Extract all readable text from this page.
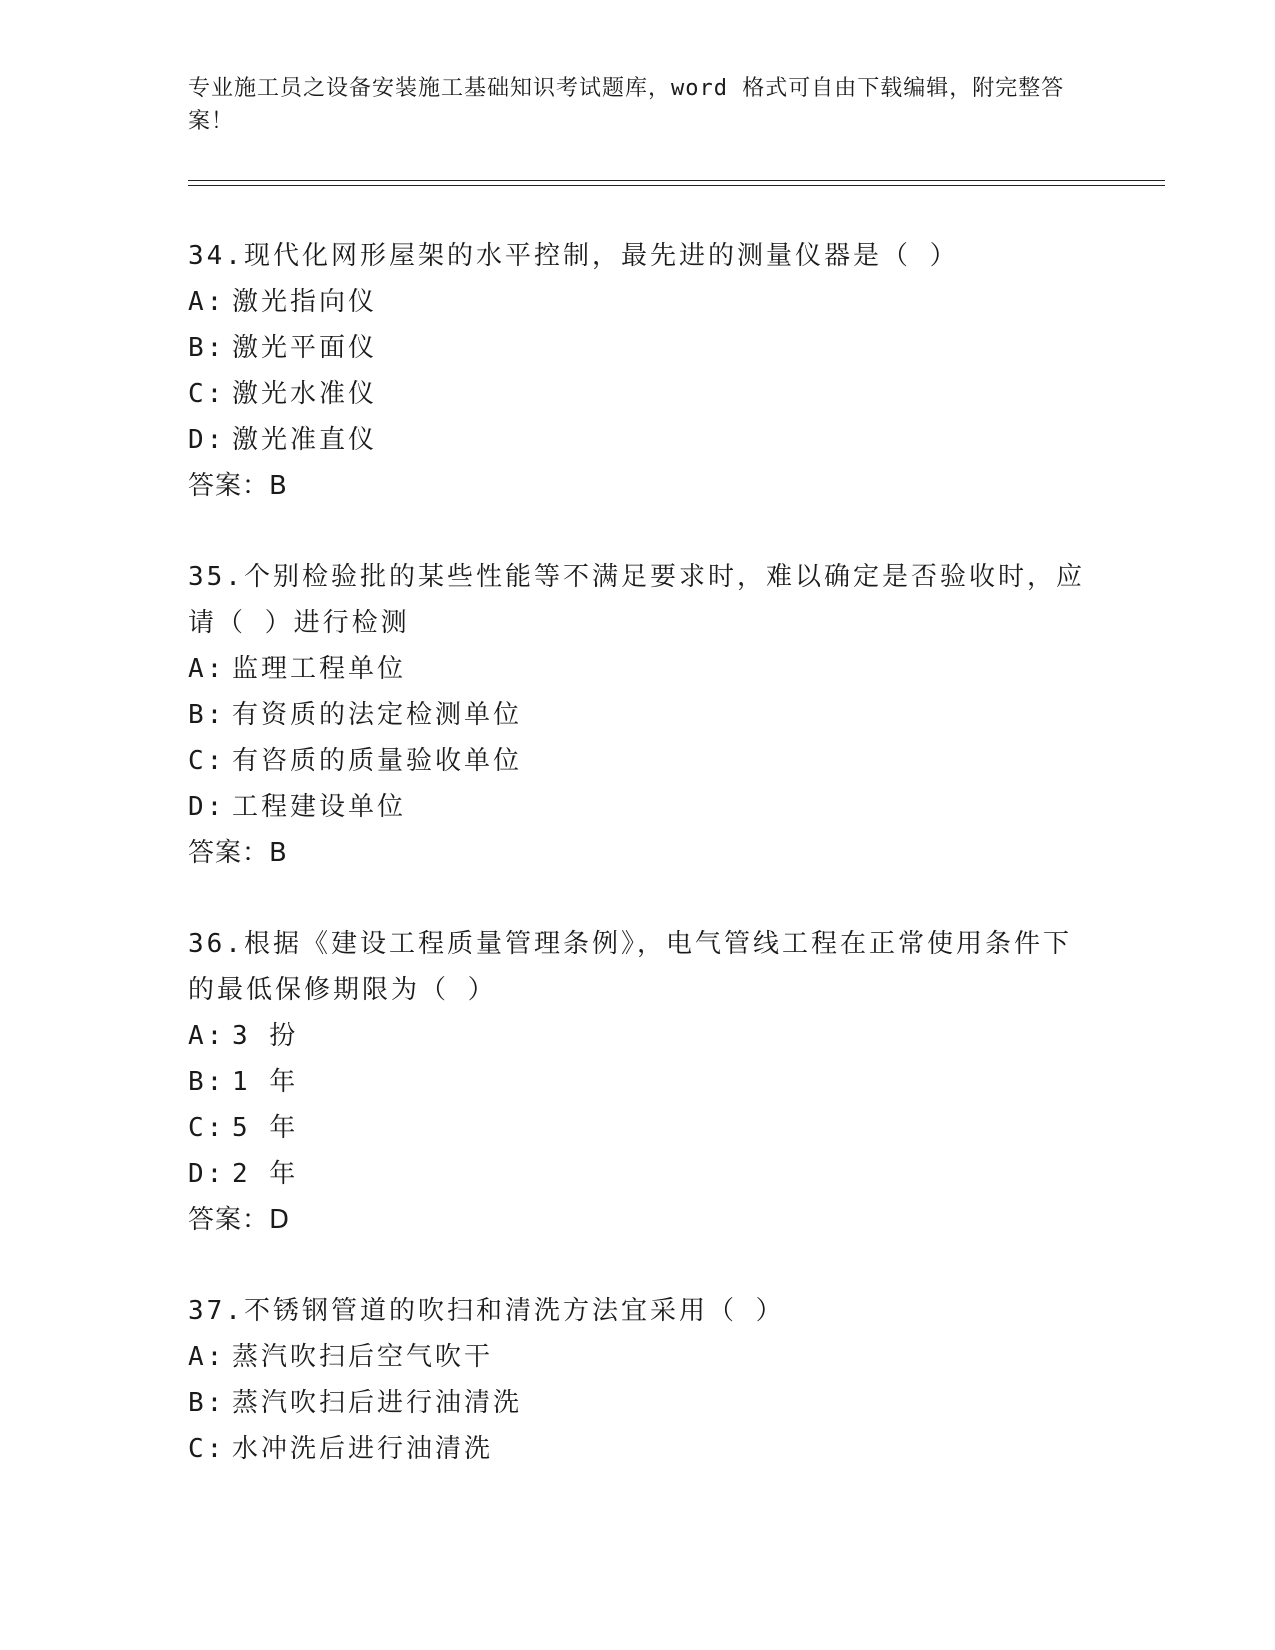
专业施工员之设备安装施工基础知识考试题库，word 格式可自由下载编辑，附完整答案！
34.现代化网形屋架的水平控制，最先进的测量仪器是（ ）
A: 激光指向仪
B: 激光平面仪
C: 激光水准仪
D: 激光准直仪
答案：B
35.个别检验批的某些性能等不满足要求时，难以确定是否验收时，应请（ ）进行检测
A: 监理工程单位
B: 有资质的法定检测单位
C: 有咨质的质量验收单位
D: 工程建设单位
答案：B
36.根据《建设工程质量管理条例》，电气管线工程在正常使用条件下的最低保修期限为（ ）
A: 3 扮
B: 1 年
C: 5 年
D: 2 年
答案：D
37.不锈钢管道的吹扫和清洗方法宜采用（ ）
A: 蒸汽吹扫后空气吹干
B: 蒸汽吹扫后进行油清洗
C: 水冲洗后进行油清洗
